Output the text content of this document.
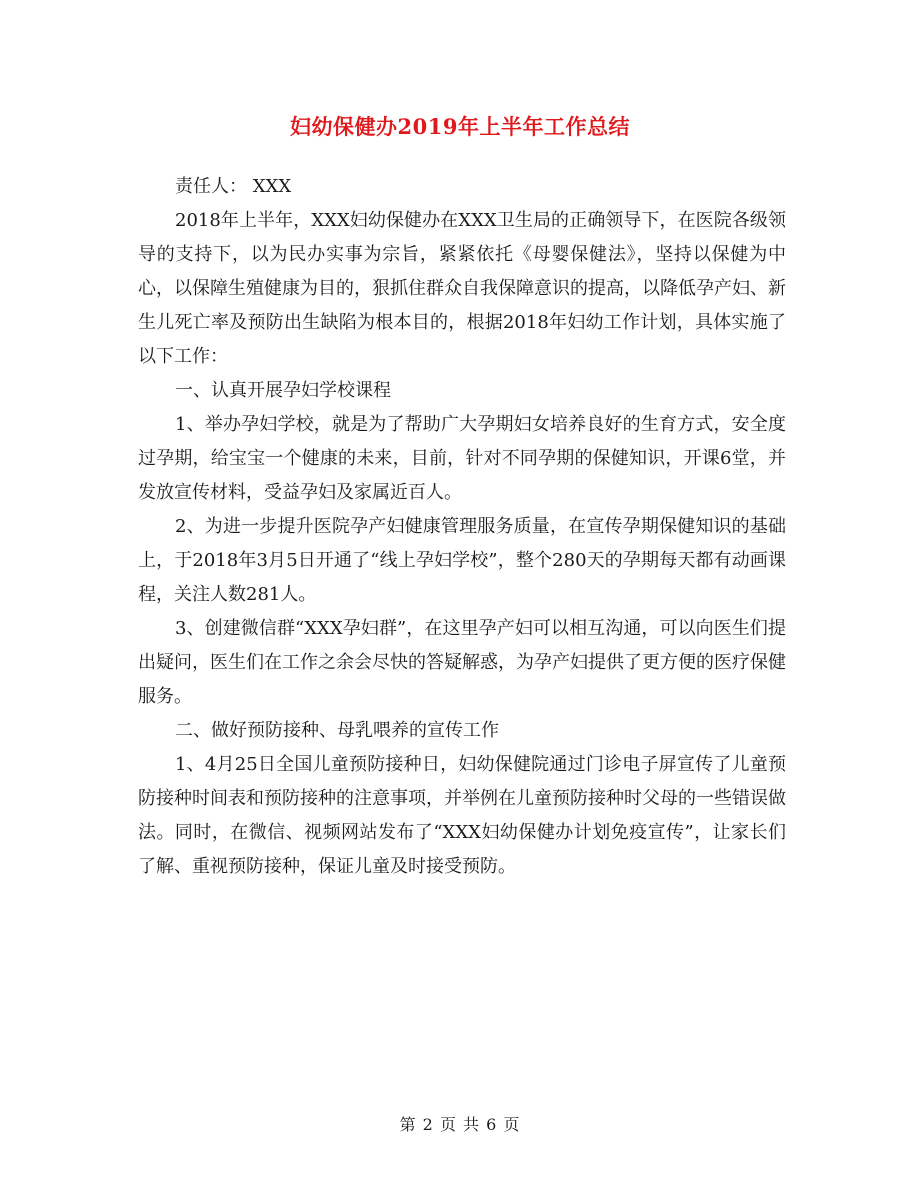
妇幼保健办2019年上半年工作总结

责任人： XXX

2018年上半年，XXX妇幼保健办在XXX卫生局的正确领导下，在医院各级领导的支持下，以为民办实事为宗旨，紧紧依托《母婴保健法》，坚持以保健为中心，以保障生殖健康为目的，狠抓住群众自我保障意识的提高，以降低孕产妇、新生儿死亡率及预防出生缺陷为根本目的，根据2018年妇幼工作计划，具体实施了以下工作：

一、认真开展孕妇学校课程

1、举办孕妇学校，就是为了帮助广大孕期妇女培养良好的生育方式，安全度过孕期，给宝宝一个健康的未来，目前，针对不同孕期的保健知识，开课6堂，并发放宣传材料，受益孕妇及家属近百人。

2、为进一步提升医院孕产妇健康管理服务质量，在宣传孕期保健知识的基础上，于2018年3月5日开通了“线上孕妇学校”，整个280天的孕期每天都有动画课程，关注人数281人。

3、创建微信群“XXX孕妇群”，在这里孕产妇可以相互沟通，可以向医生们提出疑问，医生们在工作之余会尽快的答疑解惑，为孕产妇提供了更方便的医疗保健服务。

二、做好预防接种、母乳喂养的宣传工作

1、4月25日全国儿童预防接种日，妇幼保健院通过门诊电子屏宣传了儿童预防接种时间表和预防接种的注意事项，并举例在儿童预防接种时父母的一些错误做法。同时，在微信、视频网站发布了“XXX妇幼保健办计划免疫宣传”，让家长们了解、重视预防接种，保证儿童及时接受预防。

第 2 页 共 6 页
